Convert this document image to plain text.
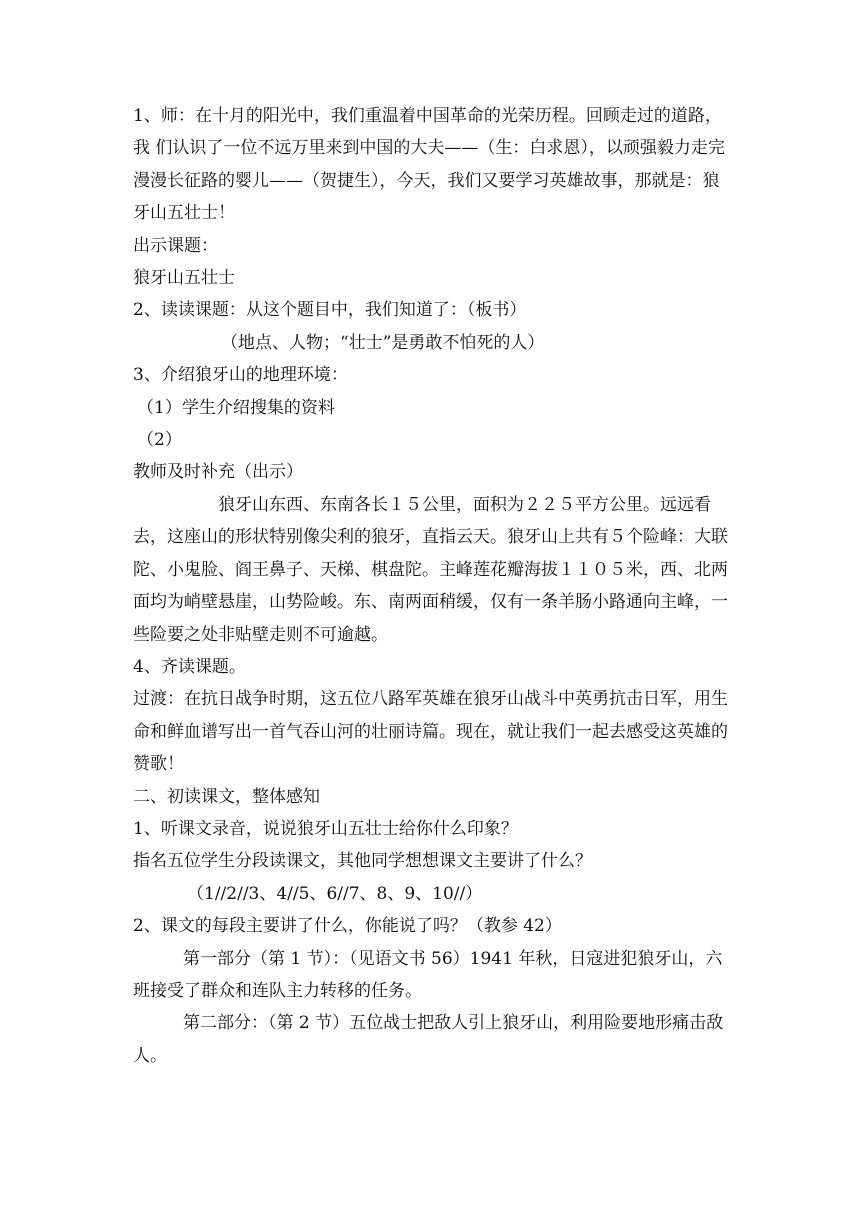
1、师：在十月的阳光中，我们重温着中国革命的光荣历程。回顾走过的道路，我 们认识了一位不远万里来到中国的大夫——（生：白求恩），以顽强毅力走完漫漫长征路的婴儿——（贺捷生），今天，我们又要学习英雄故事，那就是：狼牙山五壮士！

出示课题：

狼牙山五壮士

2、读读课题：从这个题目中，我们知道了：（板书）

（地点、人物；“壮士”是勇敢不怕死的人）

3、介绍狼牙山的地理环境：

（1）学生介绍搜集的资料

（2）

教师及时补充（出示）

狼牙山东西、东南各长１５公里，面积为２２５平方公里。远远看去，这座山的形状特别像尖利的狼牙，直指云天。狼牙山上共有５个险峰：大联陀、小鬼脸、阎王鼻子、天梯、棋盘陀。主峰莲花瓣海拔１１０５米，西、北两面均为峭壁悬崖，山势险峻。东、南两面稍缓，仅有一条羊肠小路通向主峰，一些险要之处非贴壁走则不可逾越。

4、齐读课题。

过渡：在抗日战争时期，这五位八路军英雄在狼牙山战斗中英勇抗击日军，用生命和鲜血谱写出一首气吞山河的壮丽诗篇。现在，就让我们一起去感受这英雄的赞歌！

二、初读课文，整体感知

1、听课文录音，说说狼牙山五壮士给你什么印象？

指名五位学生分段读课文，其他同学想想课文主要讲了什么？

（1//2//3、4//5、6//7、8、9、10//）

2、课文的每段主要讲了什么，你能说了吗？（教参 42）

第一部分（第 1 节）：（见语文书 56）1941 年秋，日寇进犯狼牙山，六班接受了群众和连队主力转移的任务。

第二部分：（第 2 节）五位战士把敌人引上狼牙山，利用险要地形痛击敌人。
